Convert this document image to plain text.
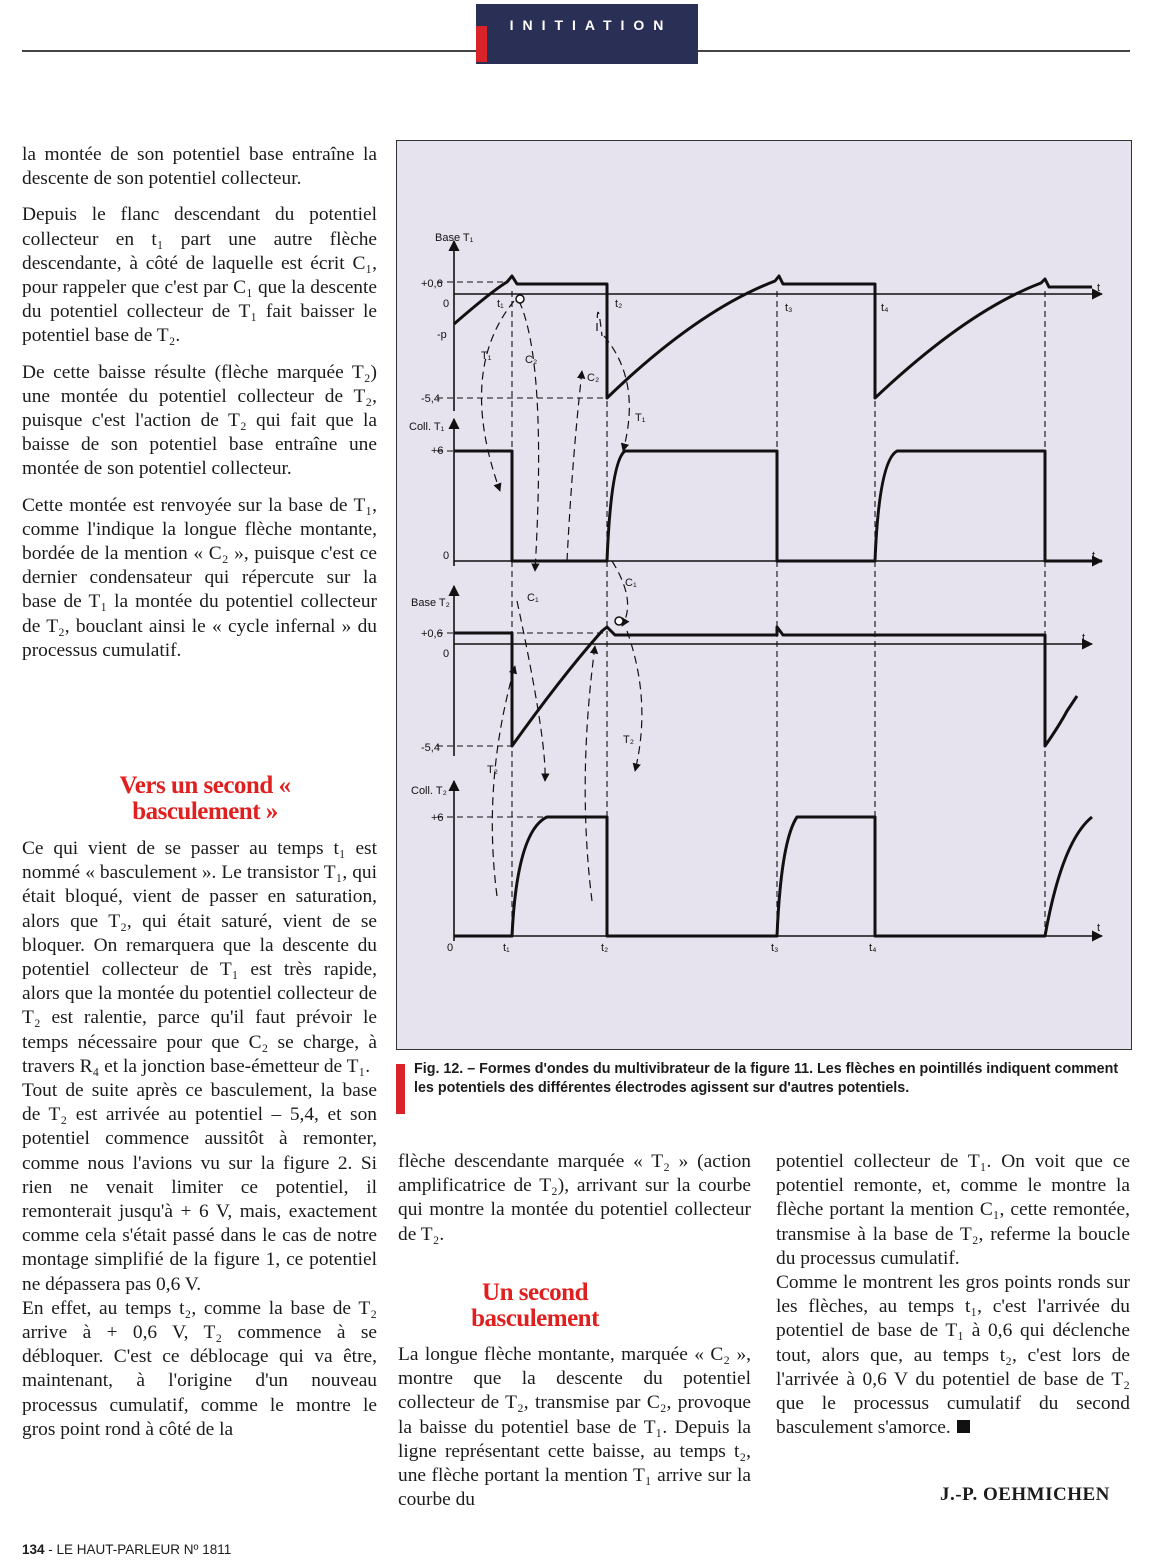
INITIATION

la montée de son potentiel base entraîne la descente de son potentiel collecteur.

Depuis le flanc descendant du potentiel collecteur en t₁ part une autre flèche descendante, à côté de laquelle est écrit C₁, pour rappeler que c'est par C₁ que la descente du potentiel collecteur de T₁ fait baisser le potentiel base de T₂.

De cette baisse résulte (flèche marquée T₂) une montée du potentiel collecteur de T₂, puisque c'est l'action de T₂ qui fait que la baisse de son potentiel base entraîne une montée de son potentiel collecteur.

Cette montée est renvoyée sur la base de T₁, comme l'indique la longue flèche montante, bordée de la mention « C₂ », puisque c'est ce dernier condensateur qui répercute sur la base de T₁ la montée du potentiel collecteur de T₂, bouclant ainsi le « cycle infernal » du processus cumulatif.

Vers un second « basculement »

Ce qui vient de se passer au temps t₁ est nommé « basculement ». Le transistor T₁, qui était bloqué, vient de passer en saturation, alors que T₂, qui était saturé, vient de se bloquer. On remarquera que la descente du potentiel collecteur de T₁ est très rapide, alors que la montée du potentiel collecteur de T₂ est ralentie, parce qu'il faut prévoir le temps nécessaire pour que C₂ se charge, à travers R₄ et la jonction base-émetteur de T₁.

Tout de suite après ce basculement, la base de T₂ est arrivée au potentiel – 5,4, et son potentiel commence aussitôt à remonter, comme nous l'avions vu sur la figure 2. Si rien ne venait limiter ce potentiel, il remonterait jusqu'à + 6 V, mais, exactement comme cela s'était passé dans le cas de notre montage simplifié de la figure 1, ce potentiel ne dépassera pas 0,6 V.

En effet, au temps t₂, comme la base de T₂ arrive à + 0,6 V, T₂ commence à se débloquer. C'est ce déblocage qui va être, maintenant, à l'origine d'un nouveau processus cumulatif, comme le montre le gros point rond à côté de la

Base T₁
Coll. T₁
Base T₂
Coll. T₂
+0,6
0
-p
-5,4
+6
0
+0,6
0
-5,4
+6
0
t
t
t
t
t₁	t₂	t₃	t₄
t₁	t₂	t₃	t₄
T₁	C₂
C₂
T₁
C₁
C₁
T₂
T₂
Fig. 12. – Formes d'ondes du multivibrateur de la figure 11. Les flèches en pointillés indiquent comment les potentiels des différentes électrodes agissent sur d'autres potentiels.

flèche descendante marquée « T₂ » (action amplificatrice de T₂), arrivant sur la courbe qui montre la montée du potentiel collecteur de T₂.

Un second basculement

La longue flèche montante, marquée « C₂ », montre que la descente du potentiel collecteur de T₂, transmise par C₂, provoque la baisse du potentiel base de T₁. Depuis la ligne représentant cette baisse, au temps t₂, une flèche portant la mention T₁ arrive sur la courbe du

potentiel collecteur de T₁. On voit que ce potentiel remonte, et, comme le montre la flèche portant la mention C₁, cette remontée, transmise à la base de T₂, referme la boucle du processus cumulatif.

Comme le montrent les gros points ronds sur les flèches, au temps t₁, c'est l'arrivée du potentiel de base de T₁ à 0,6 qui déclenche tout, alors que, au temps t₂, c'est lors de l'arrivée à 0,6 V du potentiel de base de T₂ que le processus cumulatif du second basculement s'amorce.

J.-P. OEHMICHEN
134 - LE HAUT-PARLEUR Nº 1811
